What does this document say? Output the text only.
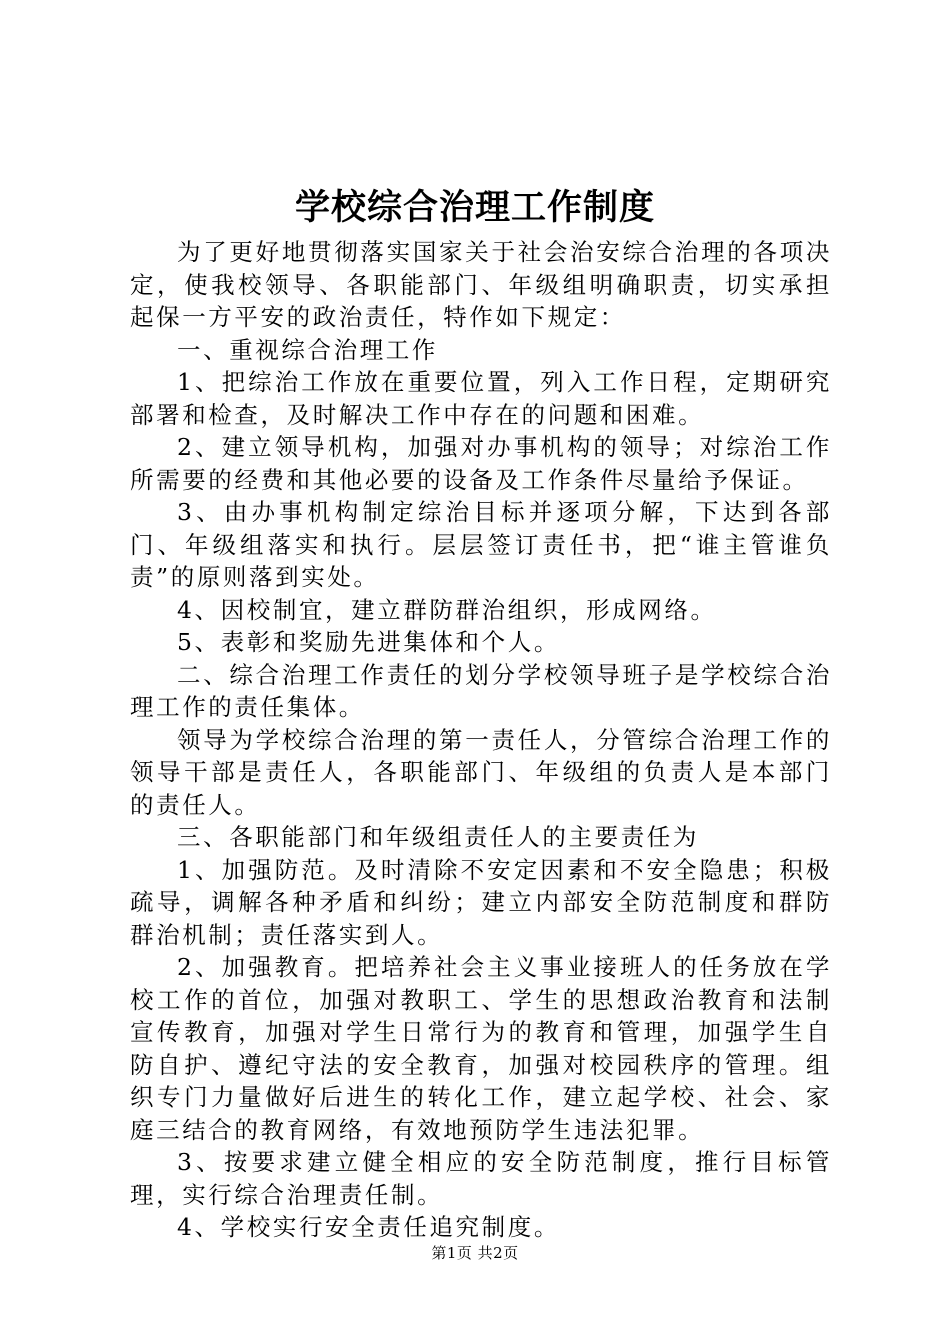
学校综合治理工作制度

为了更好地贯彻落实国家关于社会治安综合治理的各项决定，使我校领导、各职能部门、年级组明确职责，切实承担起保一方平安的政治责任，特作如下规定：

一、重视综合治理工作

1、把综治工作放在重要位置，列入工作日程，定期研究部署和检查，及时解决工作中存在的问题和困难。

2、建立领导机构，加强对办事机构的领导；对综治工作所需要的经费和其他必要的设备及工作条件尽量给予保证。

3、由办事机构制定综治目标并逐项分解，下达到各部门、年级组落实和执行。层层签订责任书，把“谁主管谁负责”的原则落到实处。

4、因校制宜，建立群防群治组织，形成网络。

5、表彰和奖励先进集体和个人。

二、综合治理工作责任的划分学校领导班子是学校综合治理工作的责任集体。

领导为学校综合治理的第一责任人，分管综合治理工作的领导干部是责任人，各职能部门、年级组的负责人是本部门的责任人。

三、各职能部门和年级组责任人的主要责任为

1、加强防范。及时清除不安定因素和不安全隐患；积极疏导，调解各种矛盾和纠纷；建立内部安全防范制度和群防群治机制；责任落实到人。

2、加强教育。把培养社会主义事业接班人的任务放在学校工作的首位，加强对教职工、学生的思想政治教育和法制宣传教育，加强对学生日常行为的教育和管理，加强学生自防自护、遵纪守法的安全教育，加强对校园秩序的管理。组织专门力量做好后进生的转化工作，建立起学校、社会、家庭三结合的教育网络，有效地预防学生违法犯罪。

3、按要求建立健全相应的安全防范制度，推行目标管理，实行综合治理责任制。

4、学校实行安全责任追究制度。

第1页 共2页
